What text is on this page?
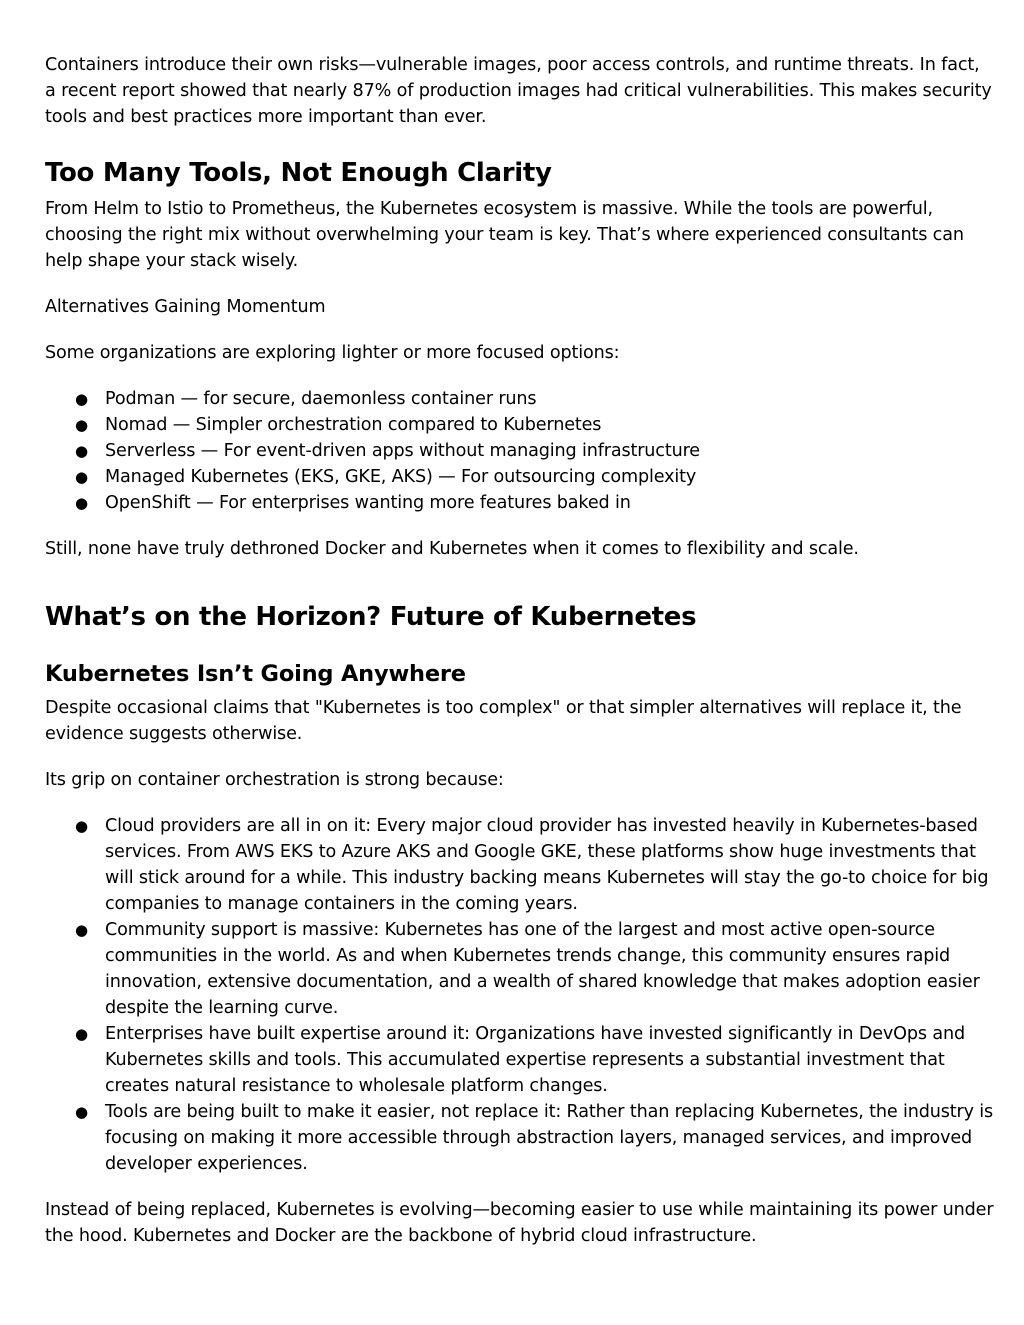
Containers introduce their own risks—vulnerable images, poor access controls, and runtime threats. In fact, a recent report showed that nearly 87% of production images had critical vulnerabilities. This makes security tools and best practices more important than ever.

Too Many Tools, Not Enough Clarity

From Helm to Istio to Prometheus, the Kubernetes ecosystem is massive. While the tools are powerful, choosing the right mix without overwhelming your team is key. That’s where experienced consultants can help shape your stack wisely.

Alternatives Gaining Momentum

Some organizations are exploring lighter or more focused options:

● Podman — for secure, daemonless container runs
● Nomad — Simpler orchestration compared to Kubernetes
● Serverless — For event-driven apps without managing infrastructure
● Managed Kubernetes (EKS, GKE, AKS) — For outsourcing complexity
● OpenShift — For enterprises wanting more features baked in

Still, none have truly dethroned Docker and Kubernetes when it comes to flexibility and scale.

What’s on the Horizon? Future of Kubernetes
Kubernetes Isn’t Going Anywhere

Despite occasional claims that "Kubernetes is too complex" or that simpler alternatives will replace it, the evidence suggests otherwise.

Its grip on container orchestration is strong because:

● Cloud providers are all in on it: Every major cloud provider has invested heavily in Kubernetes-based services. From AWS EKS to Azure AKS and Google GKE, these platforms show huge investments that will stick around for a while. This industry backing means Kubernetes will stay the go-to choice for big companies to manage containers in the coming years.
● Community support is massive: Kubernetes has one of the largest and most active open-source communities in the world. As and when Kubernetes trends change, this community ensures rapid innovation, extensive documentation, and a wealth of shared knowledge that makes adoption easier despite the learning curve.
● Enterprises have built expertise around it: Organizations have invested significantly in DevOps and Kubernetes skills and tools. This accumulated expertise represents a substantial investment that creates natural resistance to wholesale platform changes.
● Tools are being built to make it easier, not replace it: Rather than replacing Kubernetes, the industry is focusing on making it more accessible through abstraction layers, managed services, and improved developer experiences.

Instead of being replaced, Kubernetes is evolving—becoming easier to use while maintaining its power under the hood. Kubernetes and Docker are the backbone of hybrid cloud infrastructure.
